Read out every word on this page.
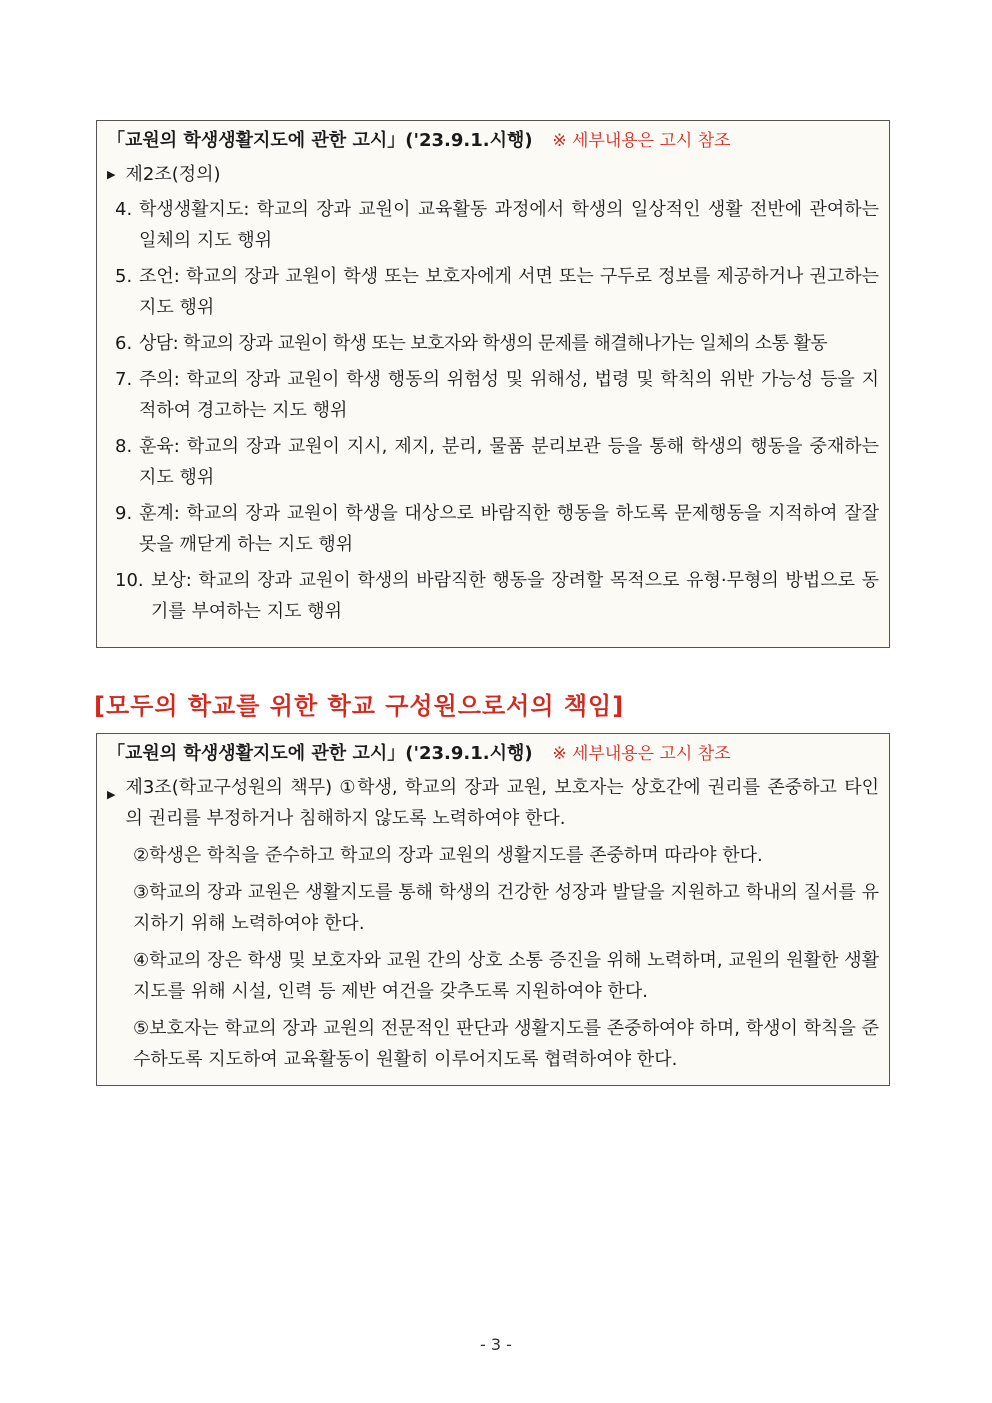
「교원의 학생생활지도에 관한 고시」('23.9.1.시행) ※ 세부내용은 고시 참조
▶ 제2조(정의)
4. 학생생활지도: 학교의 장과 교원이 교육활동 과정에서 학생의 일상적인 생활 전반에 관여하는 일체의 지도 행위
5. 조언: 학교의 장과 교원이 학생 또는 보호자에게 서면 또는 구두로 정보를 제공하거나 권고하는 지도 행위
6. 상담: 학교의 장과 교원이 학생 또는 보호자와 학생의 문제를 해결해나가는 일체의 소통 활동
7. 주의: 학교의 장과 교원이 학생 행동의 위험성 및 위해성, 법령 및 학칙의 위반 가능성 등을 지적하여 경고하는 지도 행위
8. 훈육: 학교의 장과 교원이 지시, 제지, 분리, 물품 분리보관 등을 통해 학생의 행동을 중재하는 지도 행위
9. 훈계: 학교의 장과 교원이 학생을 대상으로 바람직한 행동을 하도록 문제행동을 지적하여 잘잘못을 깨닫게 하는 지도 행위
10. 보상: 학교의 장과 교원이 학생의 바람직한 행동을 장려할 목적으로 유형·무형의 방법으로 동기를 부여하는 지도 행위
[모두의 학교를 위한 학교 구성원으로서의 책임]
「교원의 학생생활지도에 관한 고시」('23.9.1.시행) ※ 세부내용은 고시 참조
▶ 제3조(학교구성원의 책무) ①학생, 학교의 장과 교원, 보호자는 상호간에 권리를 존중하고 타인의 권리를 부정하거나 침해하지 않도록 노력하여야 한다.
②학생은 학칙을 준수하고 학교의 장과 교원의 생활지도를 존중하며 따라야 한다.
③학교의 장과 교원은 생활지도를 통해 학생의 건강한 성장과 발달을 지원하고 학내의 질서를 유지하기 위해 노력하여야 한다.
④학교의 장은 학생 및 보호자와 교원 간의 상호 소통 증진을 위해 노력하며, 교원의 원활한 생활지도를 위해 시설, 인력 등 제반 여건을 갖추도록 지원하여야 한다.
⑤보호자는 학교의 장과 교원의 전문적인 판단과 생활지도를 존중하여야 하며, 학생이 학칙을 준수하도록 지도하여 교육활동이 원활히 이루어지도록 협력하여야 한다.
- 3 -
